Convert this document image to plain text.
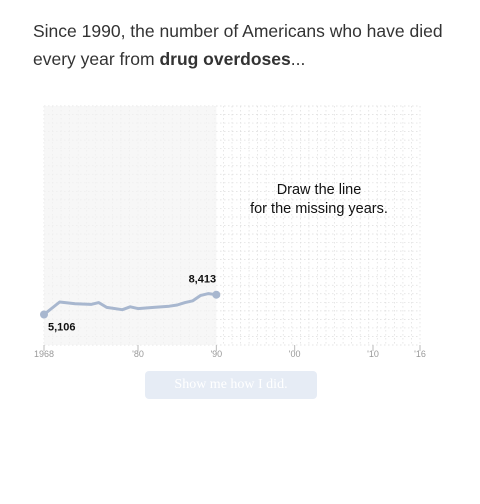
Since 1990, the number of Americans who have died every year from drug overdoses...

1968	'80	'90	'00	'10	'16
5,106
8,413
Draw the line
for the missing years.
Show me how I did.
